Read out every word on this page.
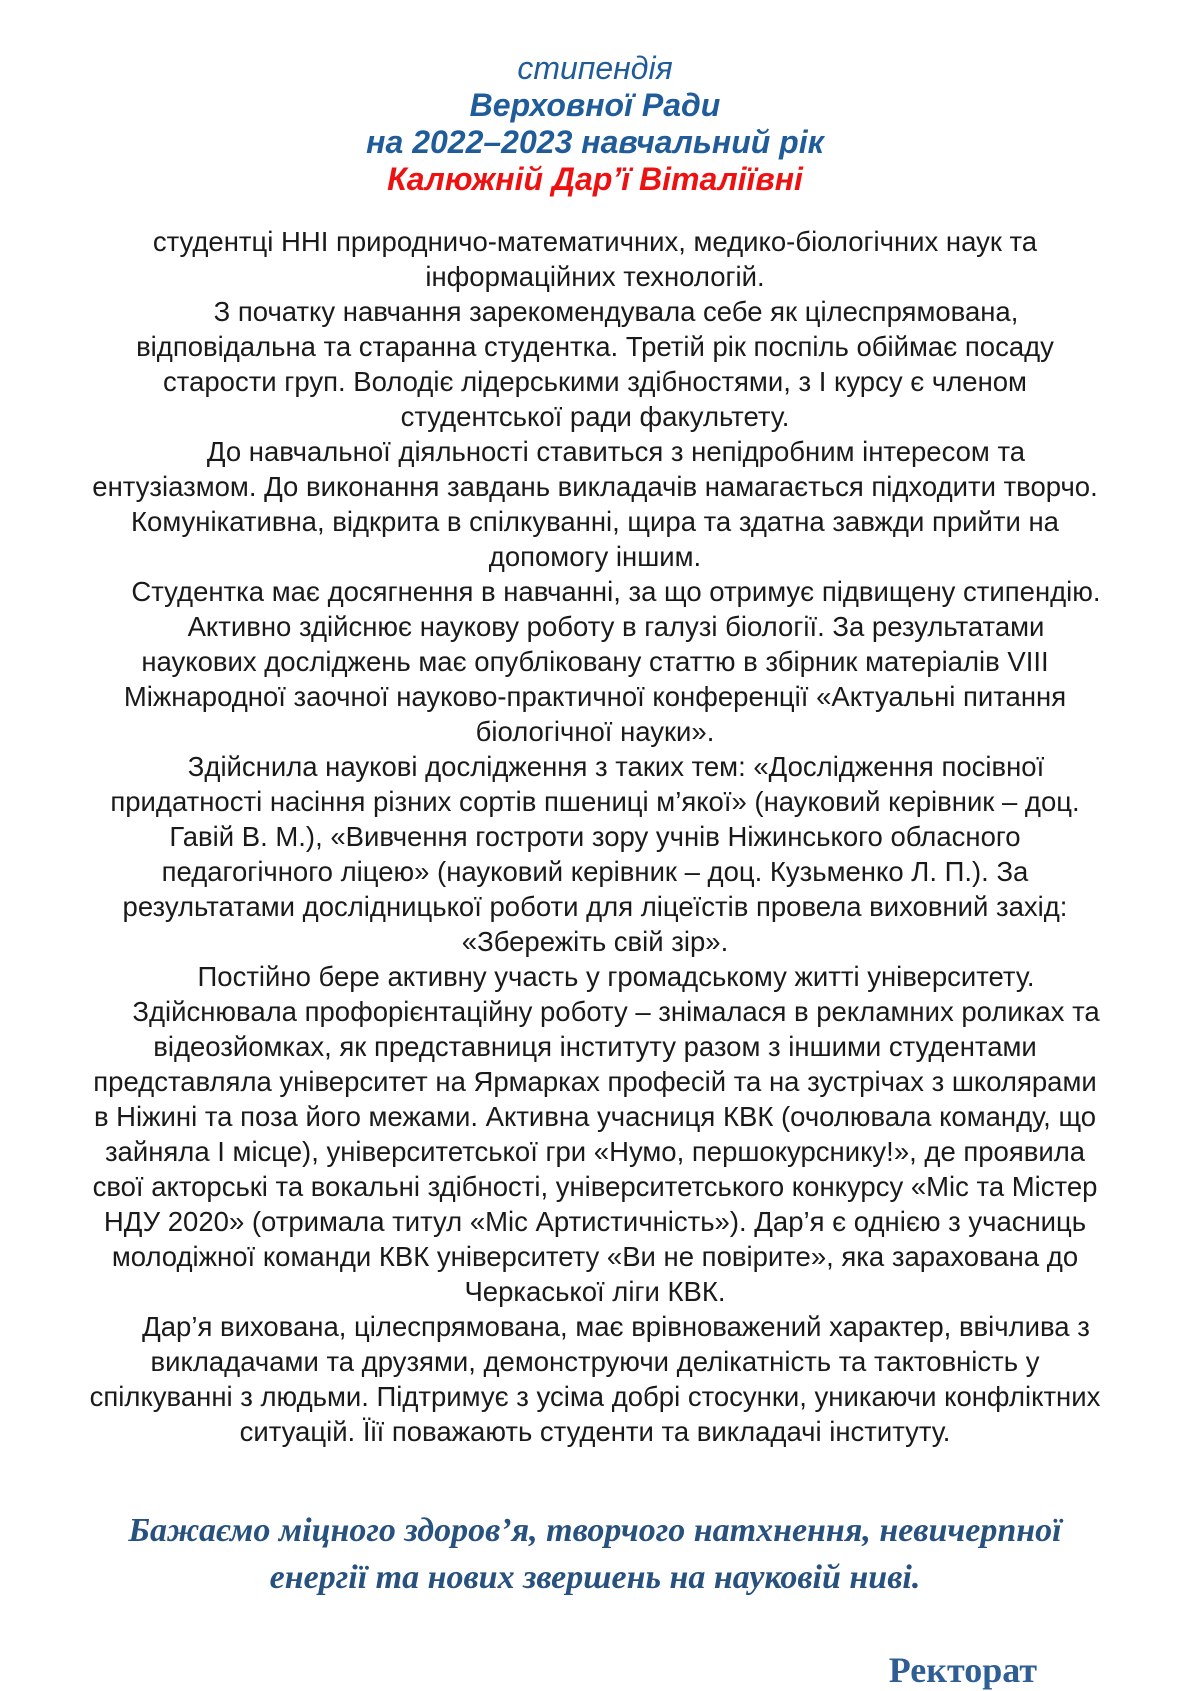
стипендія
Верховної Ради
на 2022–2023 навчальний рік
Калюжній Дар’ї Віталіївні

студентці ННІ природничо-математичних, медико-біологічних наук та інформаційних технологій.

З початку навчання зарекомендувала себе як цілеспрямована, відповідальна та старанна студентка. Третій рік поспіль обіймає посаду старости груп. Володіє лідерськими здібностями, з І курсу є членом студентської ради факультету.

До навчальної діяльності ставиться з непідробним інтересом та ентузіазмом. До виконання завдань викладачів намагається підходити творчо. Комунікативна, відкрита в спілкуванні, щира та здатна завжди прийти на допомогу іншим.

Студентка має досягнення в навчанні, за що отримує підвищену стипендію.

Активно здійснює наукову роботу в галузі біології. За результатами наукових досліджень має опубліковану статтю в збірник матеріалів VIII Міжнародної заочної науково-практичної конференції «Актуальні питання біологічної науки».

Здійснила наукові дослідження з таких тем: «Дослідження посівної придатності насіння різних сортів пшениці м’якої» (науковий керівник – доц. Гавій В. М.), «Вивчення гостроти зору учнів Ніжинського обласного педагогічного ліцею» (науковий керівник – доц. Кузьменко Л. П.). За результатами дослідницької роботи для ліцеїстів провела виховний захід: «Збережіть свій зір».

Постійно бере активну участь у громадському житті університету.

Здійснювала профорієнтаційну роботу – знімалася в рекламних роликах та відеозйомках, як представниця інституту разом з іншими студентами представляла університет на Ярмарках професій та на зустрічах з школярами в Ніжині та поза його межами. Активна учасниця КВК (очолювала команду, що зайняла І місце), університетської гри «Нумо, першокурснику!», де проявила свої акторські та вокальні здібності, університетського конкурсу «Міс та Містер НДУ 2020» (отримала титул «Міс Артистичність»). Дар’я є однією з учасниць молодіжної команди КВК університету «Ви не повірите», яка зарахована до Черкаської ліги КВК.

Дар’я вихована, цілеспрямована, має врівноважений характер, ввічлива з викладачами та друзями, демонструючи делікатність та тактовність у спілкуванні з людьми. Підтримує з усіма добрі стосунки, уникаючи конфліктних ситуацій. Їії поважають студенти та викладачі інституту.

Бажаємо міцного здоров’я, творчого натхнення, невичерпної енергії та нових звершень на науковій ниві.

Ректорат
